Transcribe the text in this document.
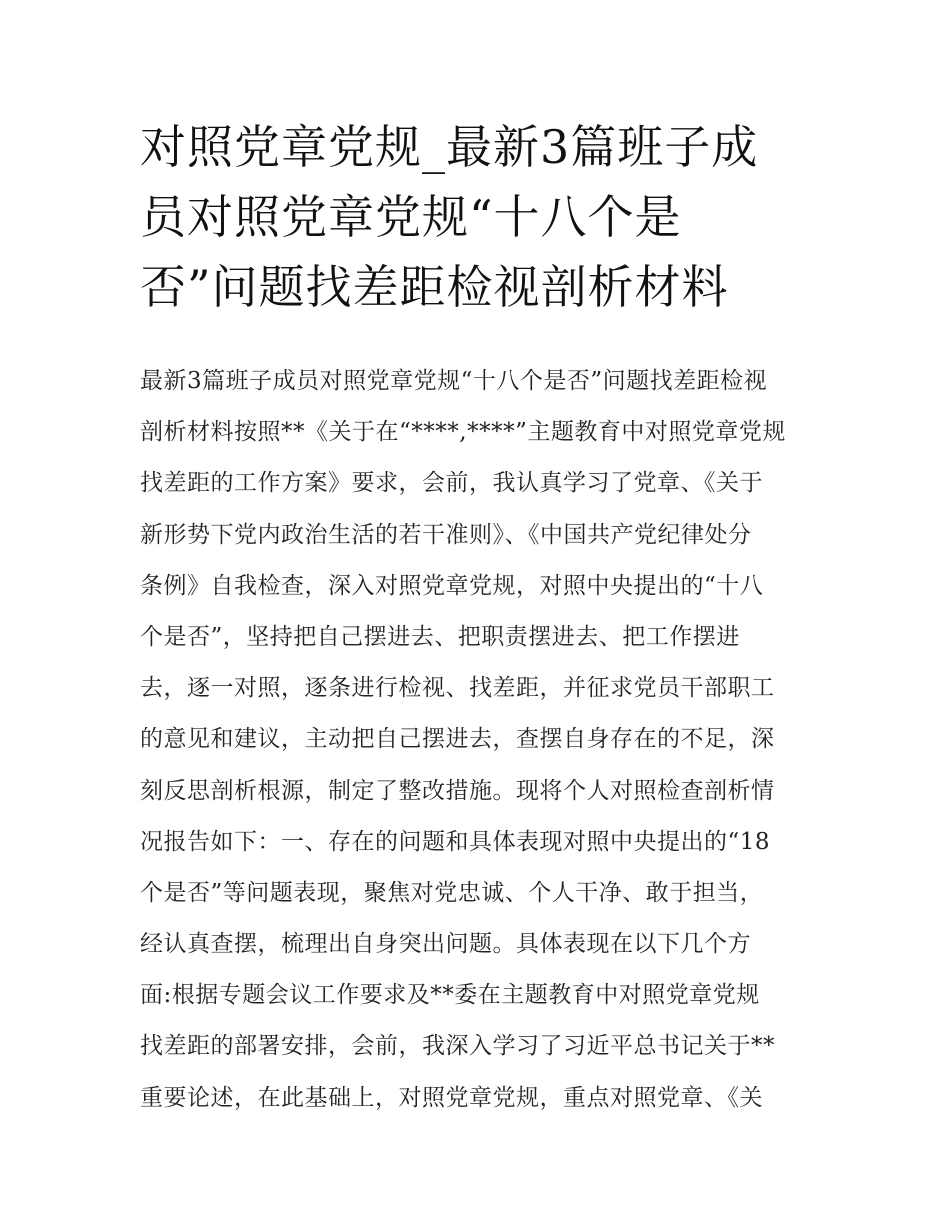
对照党章党规_最新3篇班子成
员对照党章党规“十八个是
否”问题找差距检视剖析材料
最新3篇班子成员对照党章党规“十八个是否”问题找差距检视
剖析材料按照**《关于在“****,****”主题教育中对照党章党规
找差距的工作方案》要求，会前，我认真学习了党章、《关于
新形势下党内政治生活的若干准则》、《中国共产党纪律处分
条例》自我检查，深入对照党章党规，对照中央提出的“十八
个是否”，坚持把自己摆进去、把职责摆进去、把工作摆进
去，逐一对照，逐条进行检视、找差距，并征求党员干部职工
的意见和建议，主动把自己摆进去，查摆自身存在的不足，深
刻反思剖析根源，制定了整改措施。现将个人对照检查剖析情
况报告如下：一、存在的问题和具体表现对照中央提出的“18
个是否”等问题表现，聚焦对党忠诚、个人干净、敢于担当，
经认真查摆，梳理出自身突出问题。具体表现在以下几个方
面:根据专题会议工作要求及**委在主题教育中对照党章党规
找差距的部署安排，会前，我深入学习了习近平总书记关于**
重要论述，在此基础上，对照党章党规，重点对照党章、《关
